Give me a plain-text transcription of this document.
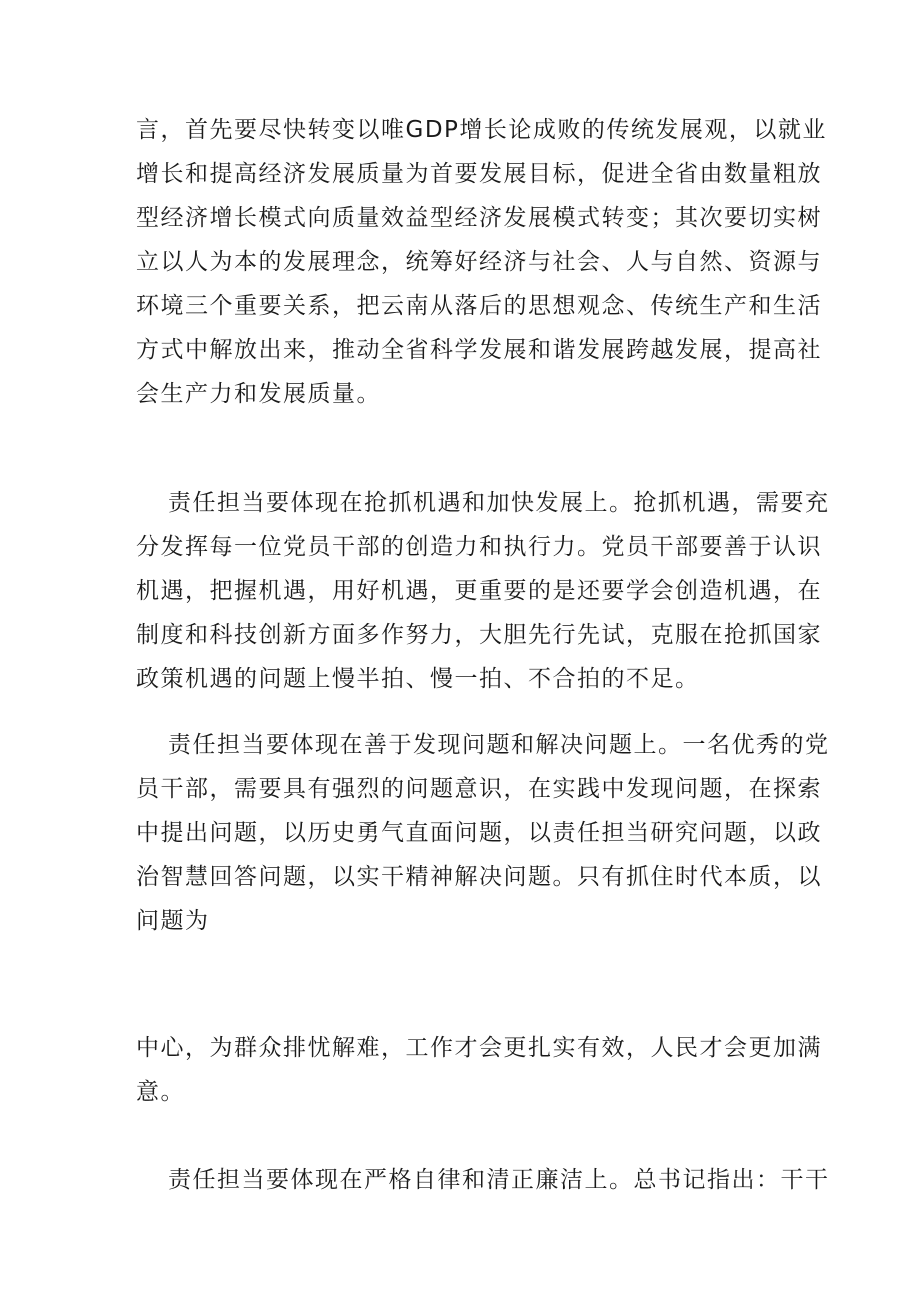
言，首先要尽快转变以唯GDP增长论成败的传统发展观，以就业
增长和提高经济发展质量为首要发展目标，促进全省由数量粗放
型经济增长模式向质量效益型经济发展模式转变；其次要切实树
立以人为本的发展理念，统筹好经济与社会、人与自然、资源与
环境三个重要关系，把云南从落后的思想观念、传统生产和生活
方式中解放出来，推动全省科学发展和谐发展跨越发展，提高社
会生产力和发展质量。
责任担当要体现在抢抓机遇和加快发展上。抢抓机遇，需要充
分发挥每一位党员干部的创造力和执行力。党员干部要善于认识
机遇，把握机遇，用好机遇，更重要的是还要学会创造机遇，在
制度和科技创新方面多作努力，大胆先行先试，克服在抢抓国家
政策机遇的问题上慢半拍、慢一拍、不合拍的不足。
责任担当要体现在善于发现问题和解决问题上。一名优秀的党
员干部，需要具有强烈的问题意识，在实践中发现问题，在探索
中提出问题，以历史勇气直面问题，以责任担当研究问题，以政
治智慧回答问题，以实干精神解决问题。只有抓住时代本质，以
问题为
中心，为群众排忧解难，工作才会更扎实有效，人民才会更加满
意。
责任担当要体现在严格自律和清正廉洁上。总书记指出：干干
